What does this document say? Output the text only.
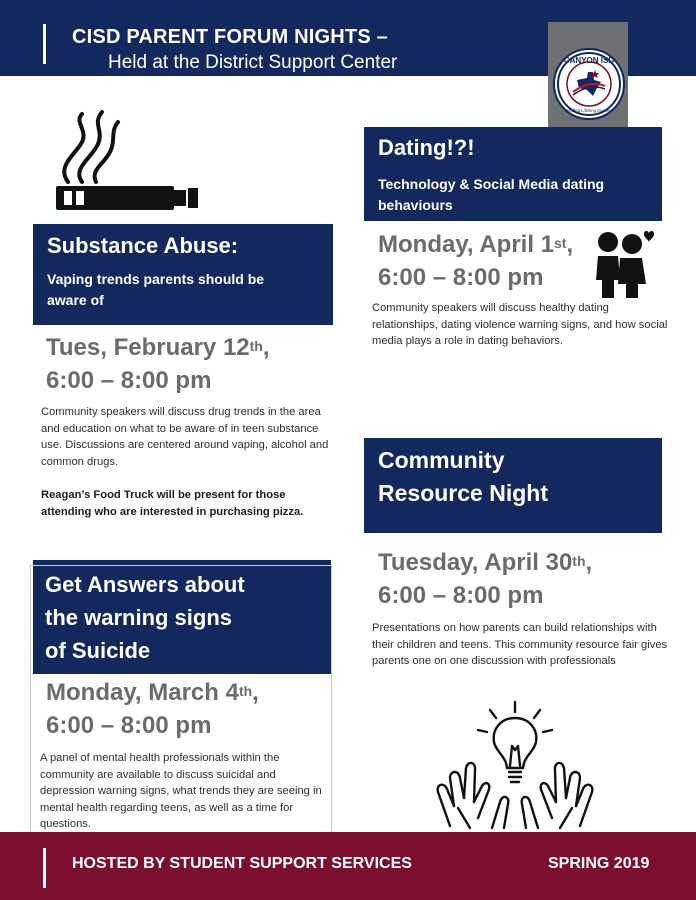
CISD PARENT FORUM NIGHTS –
Held at the District Support Center	CANYON ISD
Instilling Lifelong Success
Substance Abuse:
Vaping trends parents should be aware of
Tues, February 12th,
6:00 – 8:00 pm
Community speakers will discuss drug trends in the area and education on what to be aware of in teen substance use. Discussions are centered around vaping, alcohol and common drugs.
Reagan’s Food Truck will be present for those attending who are interested in purchasing pizza.
Dating!?!
Technology & Social Media dating behaviours
Monday, April 1st,
6:00 – 8:00 pm
Community speakers will discuss healthy dating relationships, dating violence warning signs, and how social media plays a role in dating behaviors.
Get Answers about
the warning signs
of Suicide
Monday, March 4th,
6:00 – 8:00 pm
A panel of mental health professionals within the community are available to discuss suicidal and depression warning signs, what trends they are seeing in mental health regarding teens, as well as a time for questions.
Community
Resource Night
Tuesday, April 30th,
6:00 – 8:00 pm
Presentations on how parents can build relationships with their children and teens. This community resource fair gives parents one on one discussion with professionals
HOSTED BY STUDENT SUPPORT SERVICES	SPRING 2019
